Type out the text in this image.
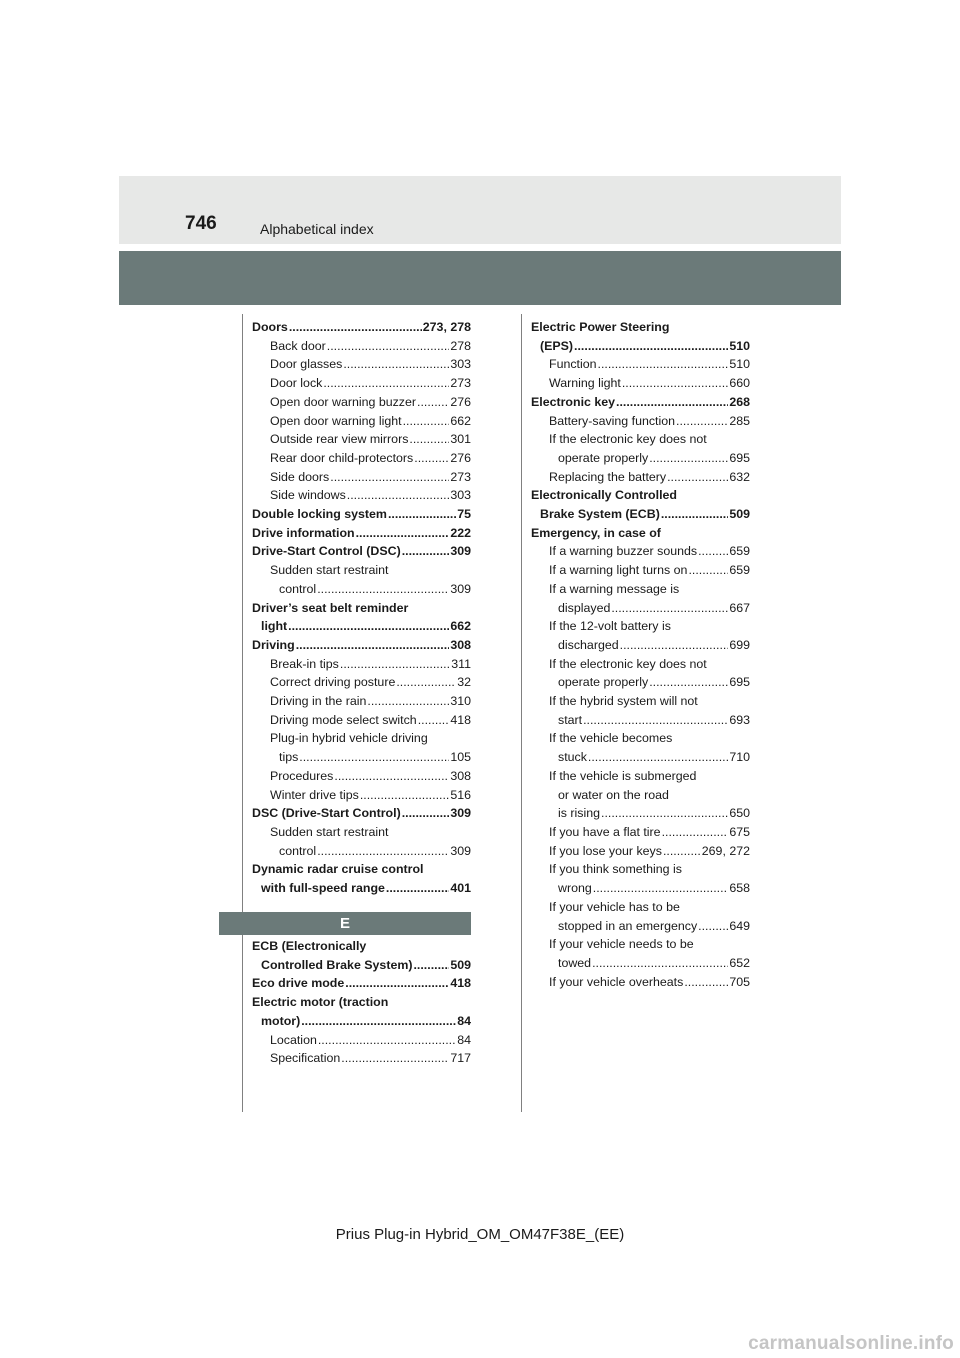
746	Alphabetical index
Doors .....	273, 278
Back door .....	278
Door glasses .....	303
Door lock .....	273
Open door warning buzzer .....	276
Open door warning light .....	662
Outside rear view mirrors .....	301
Rear door child-protectors .....	276
Side doors .....	273
Side windows .....	303
Double locking system .....	75
Drive information .....	222
Drive-Start Control (DSC) .....	309
Sudden start restraint
control .....	309
Driver’s seat belt reminder
light .....	662
Driving .....	308
Break-in tips .....	311
Correct driving posture .....	32
Driving in the rain .....	310
Driving mode select switch .....	418
Plug-in hybrid vehicle driving
tips .....	105
Procedures .....	308
Winter drive tips .....	516
DSC (Drive-Start Control) .....	309
Sudden start restraint
control .....	309
Dynamic radar cruise control
with full-speed range .....	401
E
ECB (Electronically
Controlled Brake System) .....	509
Eco drive mode .....	418
Electric motor (traction
motor) .....	84
Location .....	84
Specification .....	717
Electric Power Steering
(EPS) .....	510
Function .....	510
Warning light .....	660
Electronic key .....	268
Battery-saving function .....	285
If the electronic key does not
operate properly .....	695
Replacing the battery .....	632
Electronically Controlled
Brake System (ECB) .....	509
Emergency, in case of
If a warning buzzer sounds .....	659
If a warning light turns on .....	659
If a warning message is
displayed .....	667
If the 12-volt battery is
discharged .....	699
If the electronic key does not
operate properly .....	695
If the hybrid system will not
start .....	693
If the vehicle becomes
stuck .....	710
If the vehicle is submerged
or water on the road
is rising .....	650
If you have a flat tire .....	675
If you lose your keys .....	269, 272
If you think something is
wrong .....	658
If your vehicle has to be
stopped in an emergency .....	649
If your vehicle needs to be
towed .....	652
If your vehicle overheats .....	705
Prius Plug-in Hybrid_OM_OM47F38E_(EE)
carmanualsonline.info
